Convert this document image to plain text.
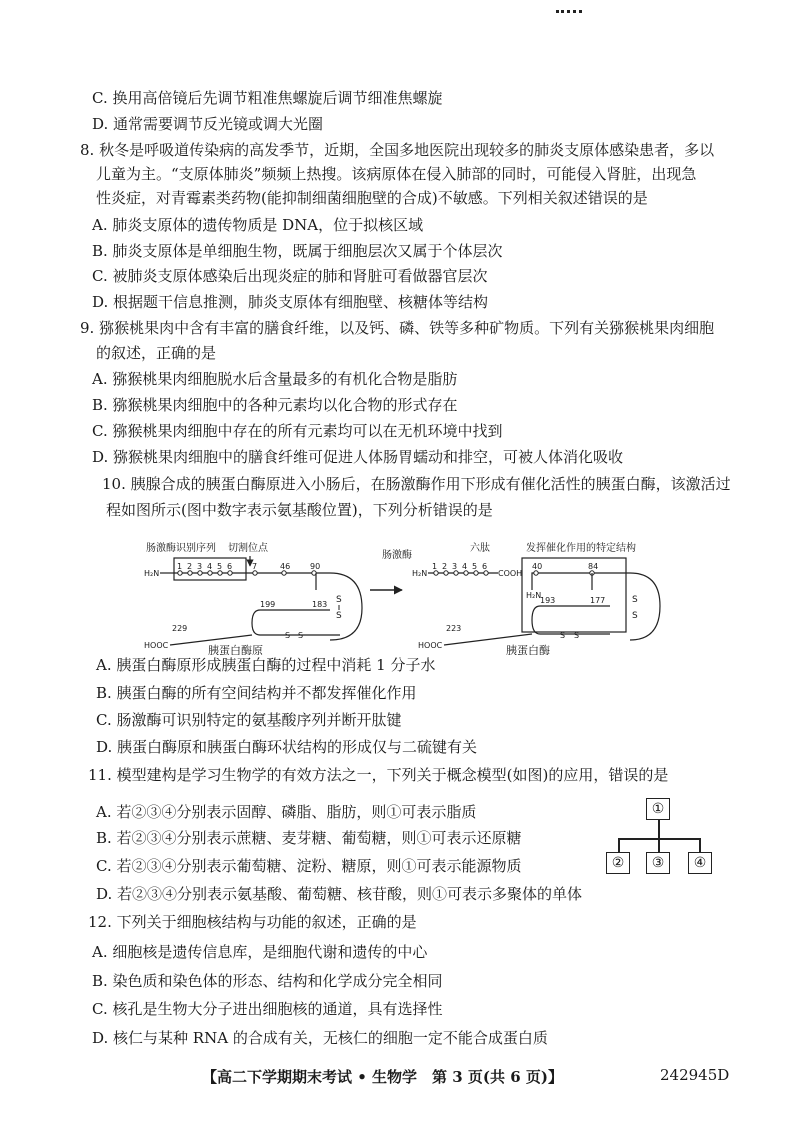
C. 换用高倍镜后先调节粗准焦螺旋后调节细准焦螺旋
D. 通常需要调节反光镜或调大光圈
8. 秋冬是呼吸道传染病的高发季节，近期，全国多地医院出现较多的肺炎支原体感染患者，多以
儿童为主。“支原体肺炎”频频上热搜。该病原体在侵入肺部的同时，可能侵入肾脏，出现急
性炎症，对青霉素类药物(能抑制细菌细胞壁的合成)不敏感。下列相关叙述错误的是
A. 肺炎支原体的遗传物质是 DNA，位于拟核区域
B. 肺炎支原体是单细胞生物，既属于细胞层次又属于个体层次
C. 被肺炎支原体感染后出现炎症的肺和肾脏可看做器官层次
D. 根据题干信息推测，肺炎支原体有细胞壁、核糖体等结构
9. 猕猴桃果肉中含有丰富的膳食纤维，以及钙、磷、铁等多种矿物质。下列有关猕猴桃果肉细胞
的叙述，正确的是
A. 猕猴桃果肉细胞脱水后含量最多的有机化合物是脂肪
B. 猕猴桃果肉细胞中的各种元素均以化合物的形式存在
C. 猕猴桃果肉细胞中存在的所有元素均可以在无机环境中找到
D. 猕猴桃果肉细胞中的膳食纤维可促进人体肠胃蠕动和排空，可被人体消化吸收
10. 胰腺合成的胰蛋白酶原进入小肠后，在肠激酶作用下形成有催化活性的胰蛋白酶，该激活过
程如图所示(图中数字表示氨基酸位置)，下列分析错误的是
肠激酶识别序列 切割位点
H₂N
1 2 3 4 5 6 7	46 90
S
S
199	183
S S
HOOC
229
胰蛋白酶原
肠激酶
六肽	发挥催化作用的特定结构
H₂N
1 2 3 4 5 6
COOH
40	84
H₂N	S
S
193	177
S S
HOOC
223
胰蛋白酶
A. 胰蛋白酶原形成胰蛋白酶的过程中消耗 1 分子水
B. 胰蛋白酶的所有空间结构并不都发挥催化作用
C. 肠激酶可识别特定的氨基酸序列并断开肽键
D. 胰蛋白酶原和胰蛋白酶环状结构的形成仅与二硫键有关
11. 模型建构是学习生物学的有效方法之一，下列关于概念模型(如图)的应用，错误的是
A. 若②③④分别表示固醇、磷脂、脂肪，则①可表示脂质
B. 若②③④分别表示蔗糖、麦芽糖、葡萄糖，则①可表示还原糖
C. 若②③④分别表示葡萄糖、淀粉、糖原，则①可表示能源物质
D. 若②③④分别表示氨基酸、葡萄糖、核苷酸，则①可表示多聚体的单体
①
②	③	④
12. 下列关于细胞核结构与功能的叙述，正确的是
A. 细胞核是遗传信息库，是细胞代谢和遗传的中心
B. 染色质和染色体的形态、结构和化学成分完全相同
C. 核孔是生物大分子进出细胞核的通道，具有选择性
D. 核仁与某种 RNA 的合成有关，无核仁的细胞一定不能合成蛋白质
【高二下学期期末考试 • 生物学　第 3 页(共 6 页)】	242945D
